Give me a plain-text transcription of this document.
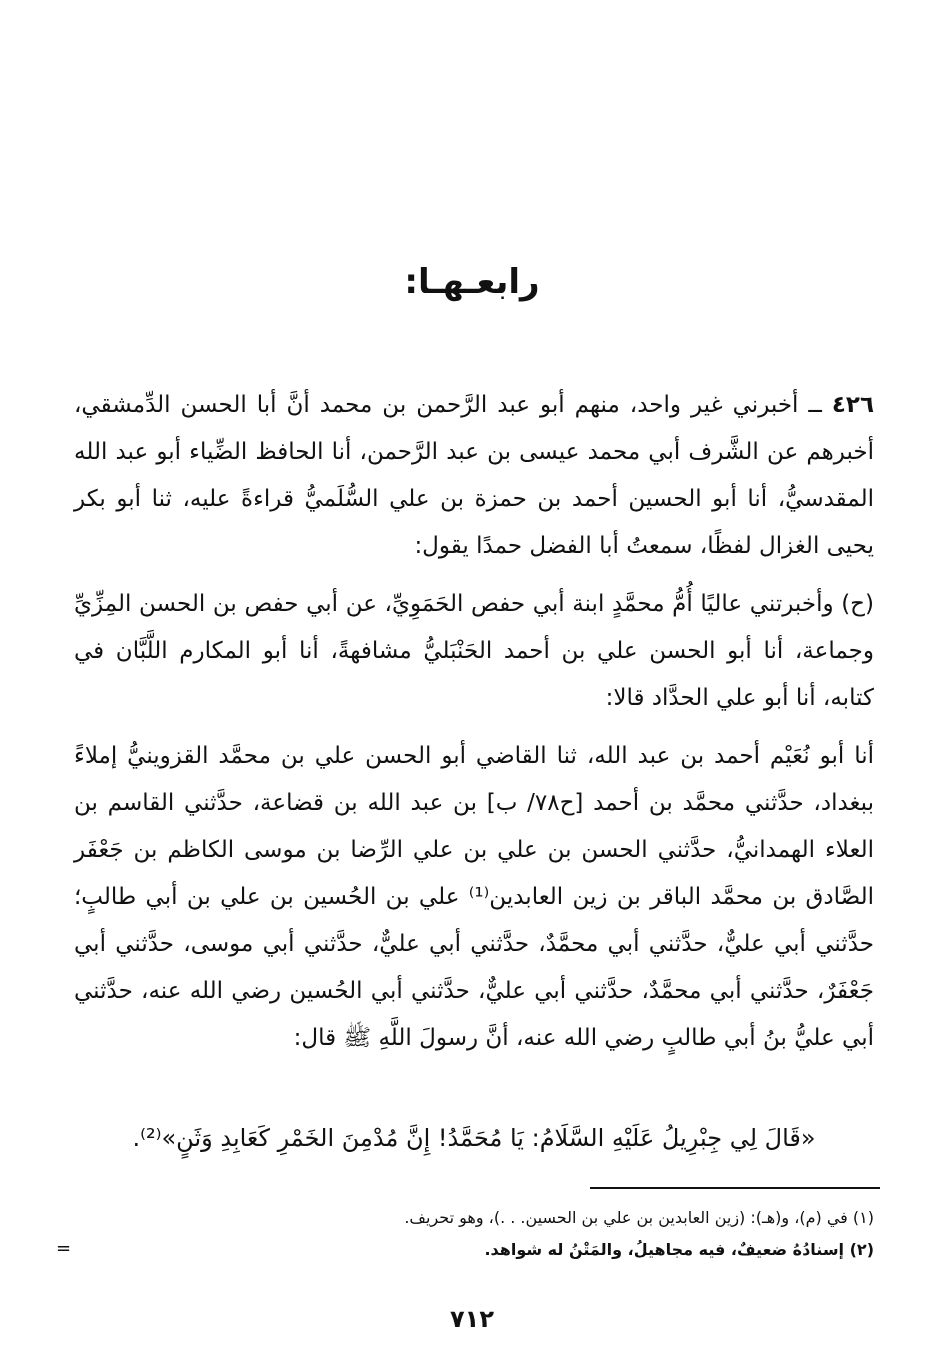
رابعـهـا:

٤٢٦ ــ أخبرني غير واحد، منهم أبو عبد الرَّحمن بن محمد أنَّ أبا الحسن الدِّمشقي، أخبرهم عن الشَّرف أبي محمد عيسى بن عبد الرَّحمن، أنا الحافظ الضِّياء أبو عبد الله المقدسيُّ، أنا أبو الحسين أحمد بن حمزة بن علي السُّلَميُّ قراءةً عليه، ثنا أبو بكر يحيى الغزال لفظًا، سمعتُ أبا الفضل حمدًا يقول:

(ح) وأخبرتني عاليًا أُمُّ محمَّدٍ ابنة أبي حفص الحَمَوِيِّ، عن أبي حفص بن الحسن المِزِّيِّ وجماعة، أنا أبو الحسن علي بن أحمد الحَنْبَليُّ مشافهةً، أنا أبو المكارم اللَّبَّان في كتابه، أنا أبو علي الحدَّاد قالا:

أنا أبو نُعَيْم أحمد بن عبد الله، ثنا القاضي أبو الحسن علي بن محمَّد القزوينيُّ إملاءً ببغداد، حدَّثني محمَّد بن أحمد [ح٧٨/ ب] بن عبد الله بن قضاعة، حدَّثني القاسم بن العلاء الهمدانيُّ، حدَّثني الحسن بن علي بن علي الرِّضا بن موسى الكاظم بن جَعْفَر الصَّادق بن محمَّد الباقر بن زين العابدين⁽¹⁾ علي بن الحُسين بن علي بن أبي طالبٍ؛ حدَّثني أبي عليٌّ، حدَّثني أبي محمَّدٌ، حدَّثني أبي عليٌّ، حدَّثني أبي موسى، حدَّثني أبي جَعْفَرٌ، حدَّثني أبي محمَّدٌ، حدَّثني أبي عليٌّ، حدَّثني أبي الحُسين رضي الله عنه، حدَّثني أبي عليُّ بنُ أبي طالبٍ رضي الله عنه، أنَّ رسولَ اللَّهِ ﷺ قال:

«قَالَ لِي جِبْرِيلُ عَلَيْهِ السَّلَامُ: يَا مُحَمَّدُ! إِنَّ مُدْمِنَ الخَمْرِ كَعَابِدِ وَثَنٍ»⁽²⁾.

(١) في (م)، و(هـ): (زين العابدين بن علي بن الحسين. . .)، وهو تحريف.

(٢) إسنادُهُ ضعيفٌ، فيه مجاهيلُ، والمَتْنُ له شواهد.

=
٧١٢
